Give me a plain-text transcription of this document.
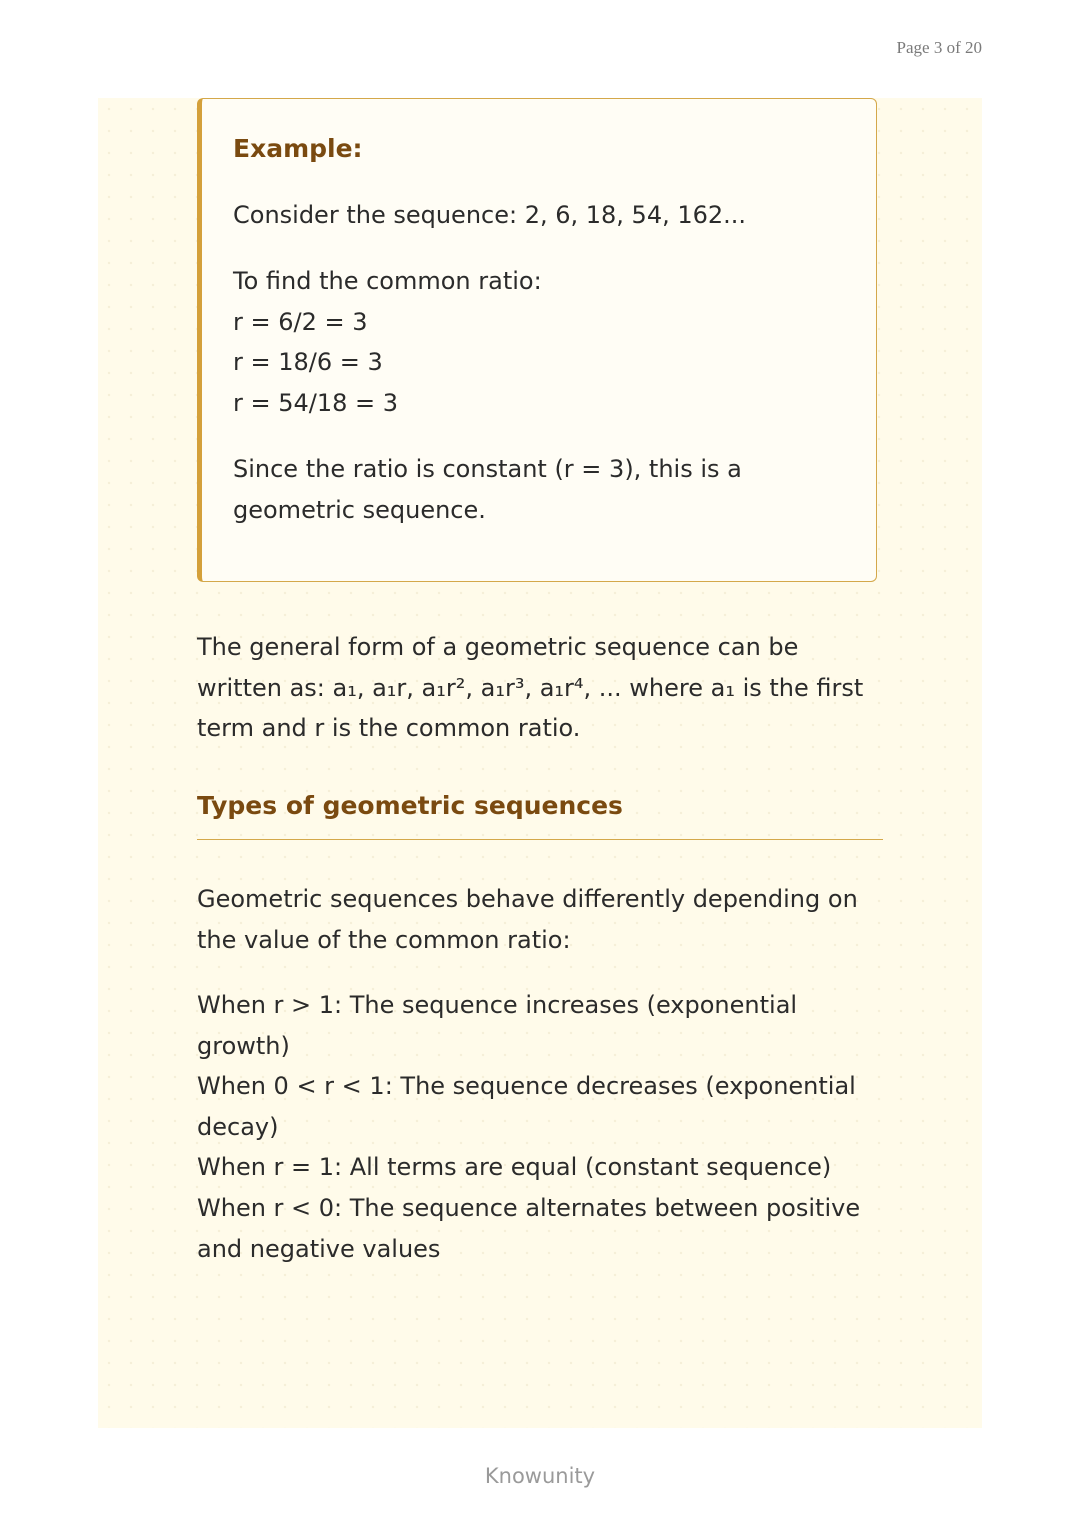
Page 3 of 20
Example:

Consider the sequence: 2, 6, 18, 54, 162...

To find the common ratio:
r = 6/2 = 3
r = 18/6 = 3
r = 54/18 = 3

Since the ratio is constant (r = 3), this is a geometric sequence.

The general form of a geometric sequence can be written as: a₁, a₁r, a₁r², a₁r³, a₁r⁴, ... where a₁ is the first term and r is the common ratio.

Types of geometric sequences

Geometric sequences behave differently depending on the value of the common ratio:

When r > 1: The sequence increases (exponential growth)
When 0 < r < 1: The sequence decreases (exponential decay)
When r = 1: All terms are equal (constant sequence)
When r < 0: The sequence alternates between positive and negative values
Knowunity
